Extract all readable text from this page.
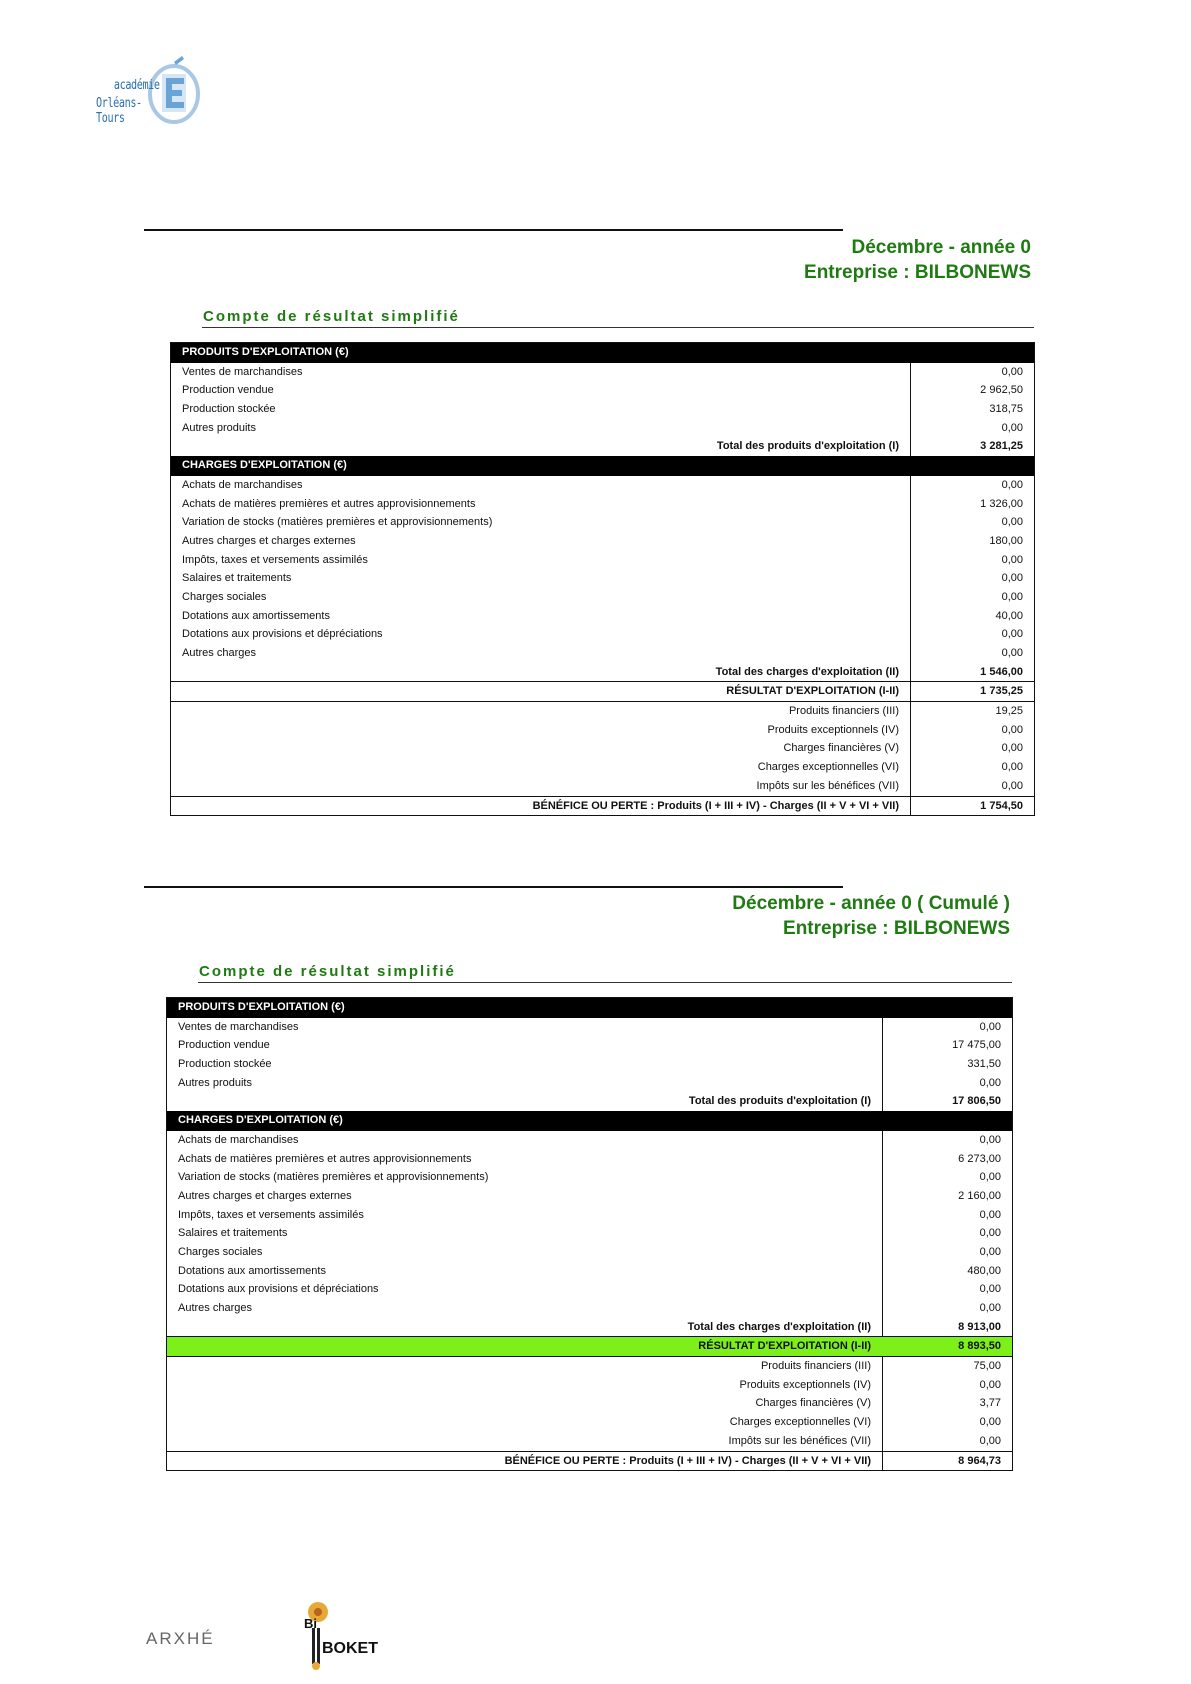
académie
Orléans-Tours
Décembre - année 0
Entreprise : BILBONEWS
Compte de résultat simplifié
PRODUITS D'EXPLOITATION (€)
Ventes de marchandises	0,00
Production vendue	2 962,50
Production stockée	318,75
Autres produits	0,00
Total des produits d'exploitation (I)	3 281,25
CHARGES D'EXPLOITATION (€)
Achats de marchandises	0,00
Achats de matières premières et autres approvisionnements	1 326,00
Variation de stocks (matières premières et approvisionnements)	0,00
Autres charges et charges externes	180,00
Impôts, taxes et versements assimilés	0,00
Salaires et traitements	0,00
Charges sociales	0,00
Dotations aux amortissements	40,00
Dotations aux provisions et dépréciations	0,00
Autres charges	0,00
Total des charges d'exploitation (II)	1 546,00
RÉSULTAT D'EXPLOITATION (I-II)	1 735,25
Produits financiers (III)	19,25
Produits exceptionnels (IV)	0,00
Charges financières (V)	0,00
Charges exceptionnelles (VI)	0,00
Impôts sur les bénéfices (VII)	0,00
BÉNÉFICE OU PERTE : Produits (I + III + IV) - Charges (II + V + VI + VII)	1 754,50
Décembre - année 0 ( Cumulé )
Entreprise : BILBONEWS
Compte de résultat simplifié
PRODUITS D'EXPLOITATION (€)
Ventes de marchandises	0,00
Production vendue	17 475,00
Production stockée	331,50
Autres produits	0,00
Total des produits d'exploitation (I)	17 806,50
CHARGES D'EXPLOITATION (€)
Achats de marchandises	0,00
Achats de matières premières et autres approvisionnements	6 273,00
Variation de stocks (matières premières et approvisionnements)	0,00
Autres charges et charges externes	2 160,00
Impôts, taxes et versements assimilés	0,00
Salaires et traitements	0,00
Charges sociales	0,00
Dotations aux amortissements	480,00
Dotations aux provisions et dépréciations	0,00
Autres charges	0,00
Total des charges d'exploitation (II)	8 913,00
RÉSULTAT D'EXPLOITATION (I-II)	8 893,50
Produits financiers (III)	75,00
Produits exceptionnels (IV)	0,00
Charges financières (V)	3,77
Charges exceptionnelles (VI)	0,00
Impôts sur les bénéfices (VII)	0,00
BÉNÉFICE OU PERTE : Produits (I + III + IV) - Charges (II + V + VI + VII)	8 964,73
ARXHÉ
Bi
BOKET
